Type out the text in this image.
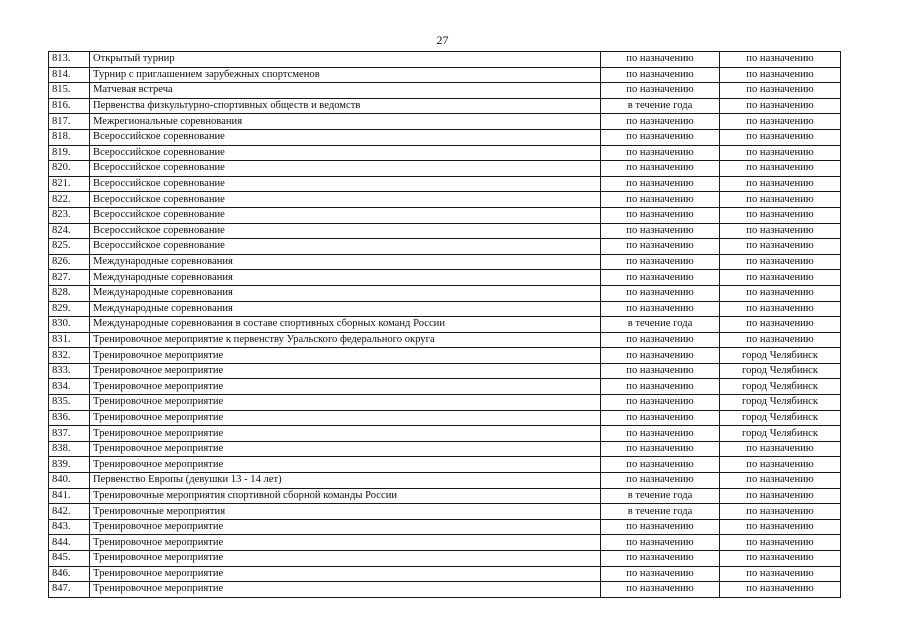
27
813.	Открытый турнир	по назначению	по назначению
814.	Турнир с приглашением зарубежных спортсменов	по назначению	по назначению
815.	Матчевая встреча	по назначению	по назначению
816.	Первенства физкультурно-спортивных обществ и ведомств	в течение года	по назначению
817.	Межрегиональные соревнования	по назначению	по назначению
818.	Всероссийское соревнование	по назначению	по назначению
819.	Всероссийское соревнование	по назначению	по назначению
820.	Всероссийское соревнование	по назначению	по назначению
821.	Всероссийское соревнование	по назначению	по назначению
822.	Всероссийское соревнование	по назначению	по назначению
823.	Всероссийское соревнование	по назначению	по назначению
824.	Всероссийское соревнование	по назначению	по назначению
825.	Всероссийское соревнование	по назначению	по назначению
826.	Международные соревнования	по назначению	по назначению
827.	Международные соревнования	по назначению	по назначению
828.	Международные соревнования	по назначению	по назначению
829.	Международные соревнования	по назначению	по назначению
830.	Международные соревнования в составе спортивных сборных команд России	в течение года	по назначению
831.	Тренировочное мероприятие к первенству Уральского федерального округа	по назначению	по назначению
832.	Тренировочное мероприятие	по назначению	город Челябинск
833.	Тренировочное мероприятие	по назначению	город Челябинск
834.	Тренировочное мероприятие	по назначению	город Челябинск
835.	Тренировочное мероприятие	по назначению	город Челябинск
836.	Тренировочное мероприятие	по назначению	город Челябинск
837.	Тренировочное мероприятие	по назначению	город Челябинск
838.	Тренировочное мероприятие	по назначению	по назначению
839.	Тренировочное мероприятие	по назначению	по назначению
840.	Первенство Европы (девушки 13 - 14 лет)	по назначению	по назначению
841.	Тренировочные мероприятия спортивной сборной команды России	в течение года	по назначению
842.	Тренировочные мероприятия	в течение года	по назначению
843.	Тренировочное мероприятие	по назначению	по назначению
844.	Тренировочное мероприятие	по назначению	по назначению
845.	Тренировочное мероприятие	по назначению	по назначению
846.	Тренировочное мероприятие	по назначению	по назначению
847.	Тренировочное мероприятие	по назначению	по назначению
